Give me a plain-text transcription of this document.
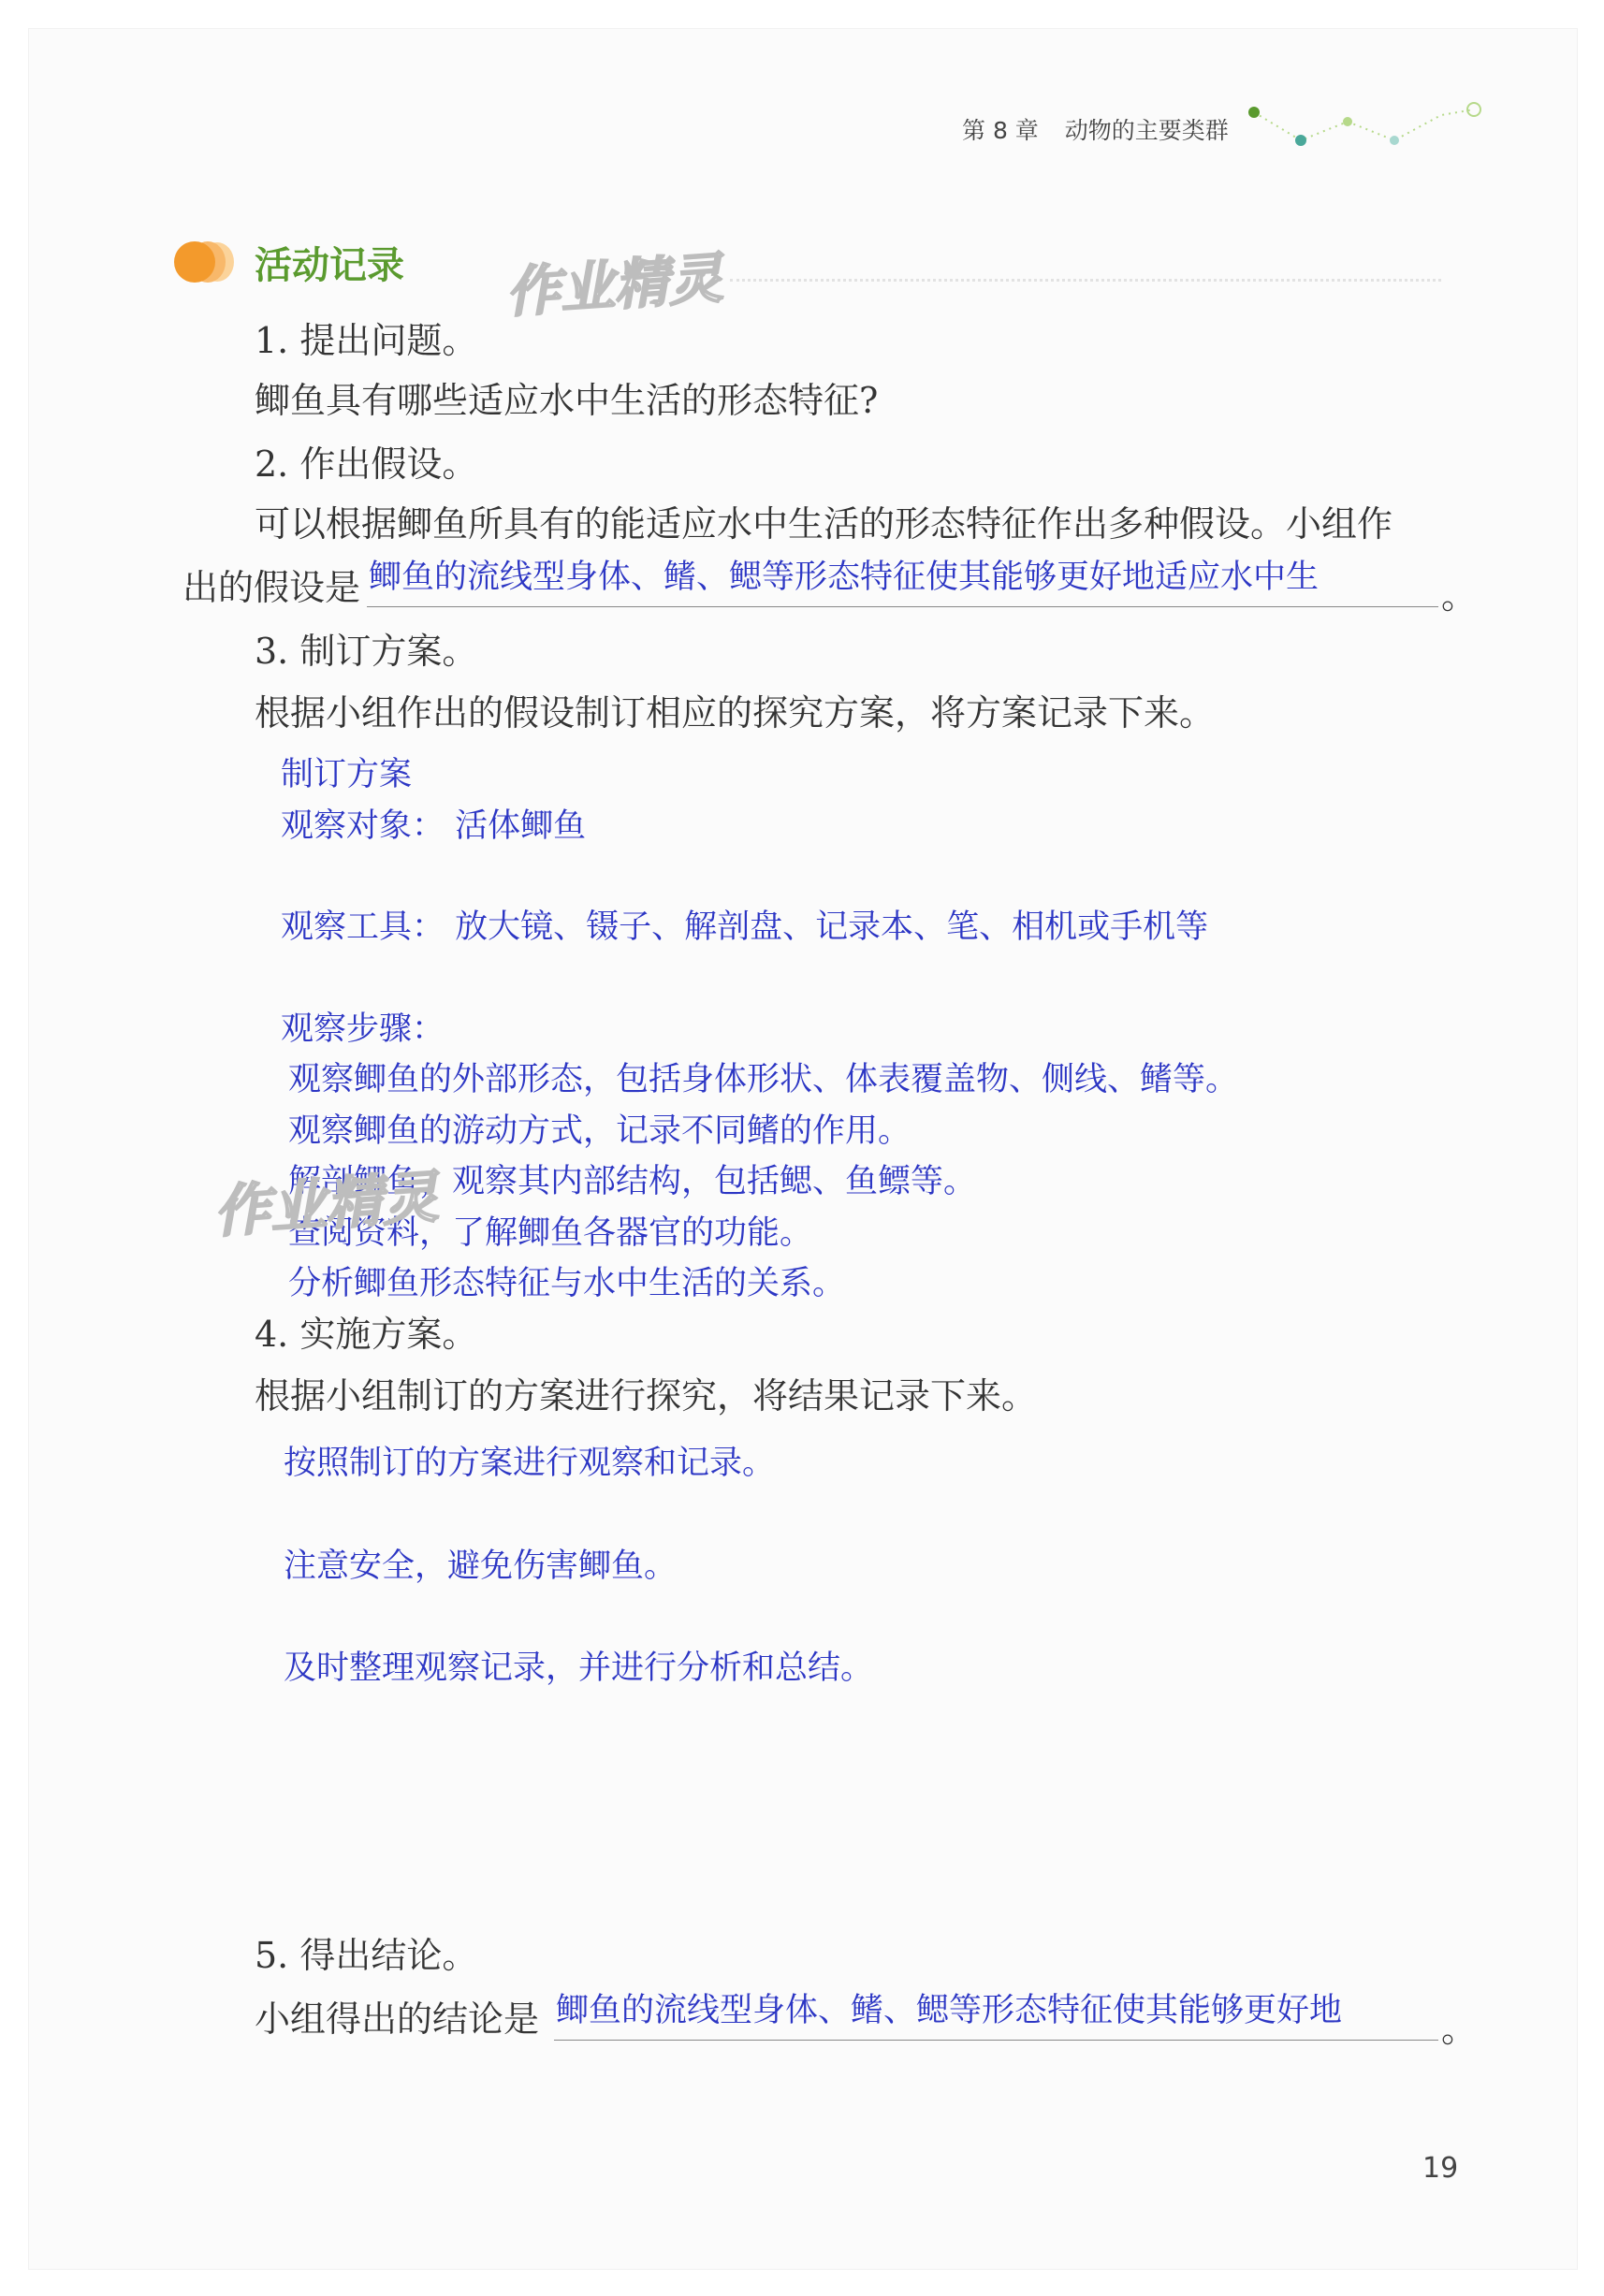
第 8 章 动物的主要类群
活动记录 作业精灵
1. 提出问题。
鲫鱼具有哪些适应水中生活的形态特征?
2. 作出假设。
可以根据鲫鱼所具有的能适应水中生活的形态特征作出多种假设。小组作
出的假设是 鲫鱼的流线型身体、鳍、鳃等形态特征使其能够更好地适应水中生	。
3. 制订方案。
根据小组作出的假设制订相应的探究方案，将方案记录下来。
制订方案
观察对象： 活体鲫鱼
观察工具： 放大镜、镊子、解剖盘、记录本、笔、相机或手机等
观察步骤：
观察鲫鱼的外部形态，包括身体形状、体表覆盖物、侧线、鳍等。
观察鲫鱼的游动方式，记录不同鳍的作用。
解剖鲫鱼，观察其内部结构，包括鳃、鱼鳔等。
查阅资料，了解鲫鱼各器官的功能。
分析鲫鱼形态特征与水中生活的关系。
作业精灵
4. 实施方案。
根据小组制订的方案进行探究，将结果记录下来。
按照制订的方案进行观察和记录。
注意安全，避免伤害鲫鱼。
及时整理观察记录，并进行分析和总结。
5. 得出结论。
小组得出的结论是 鲫鱼的流线型身体、鳍、鳃等形态特征使其能够更好地	。
19
